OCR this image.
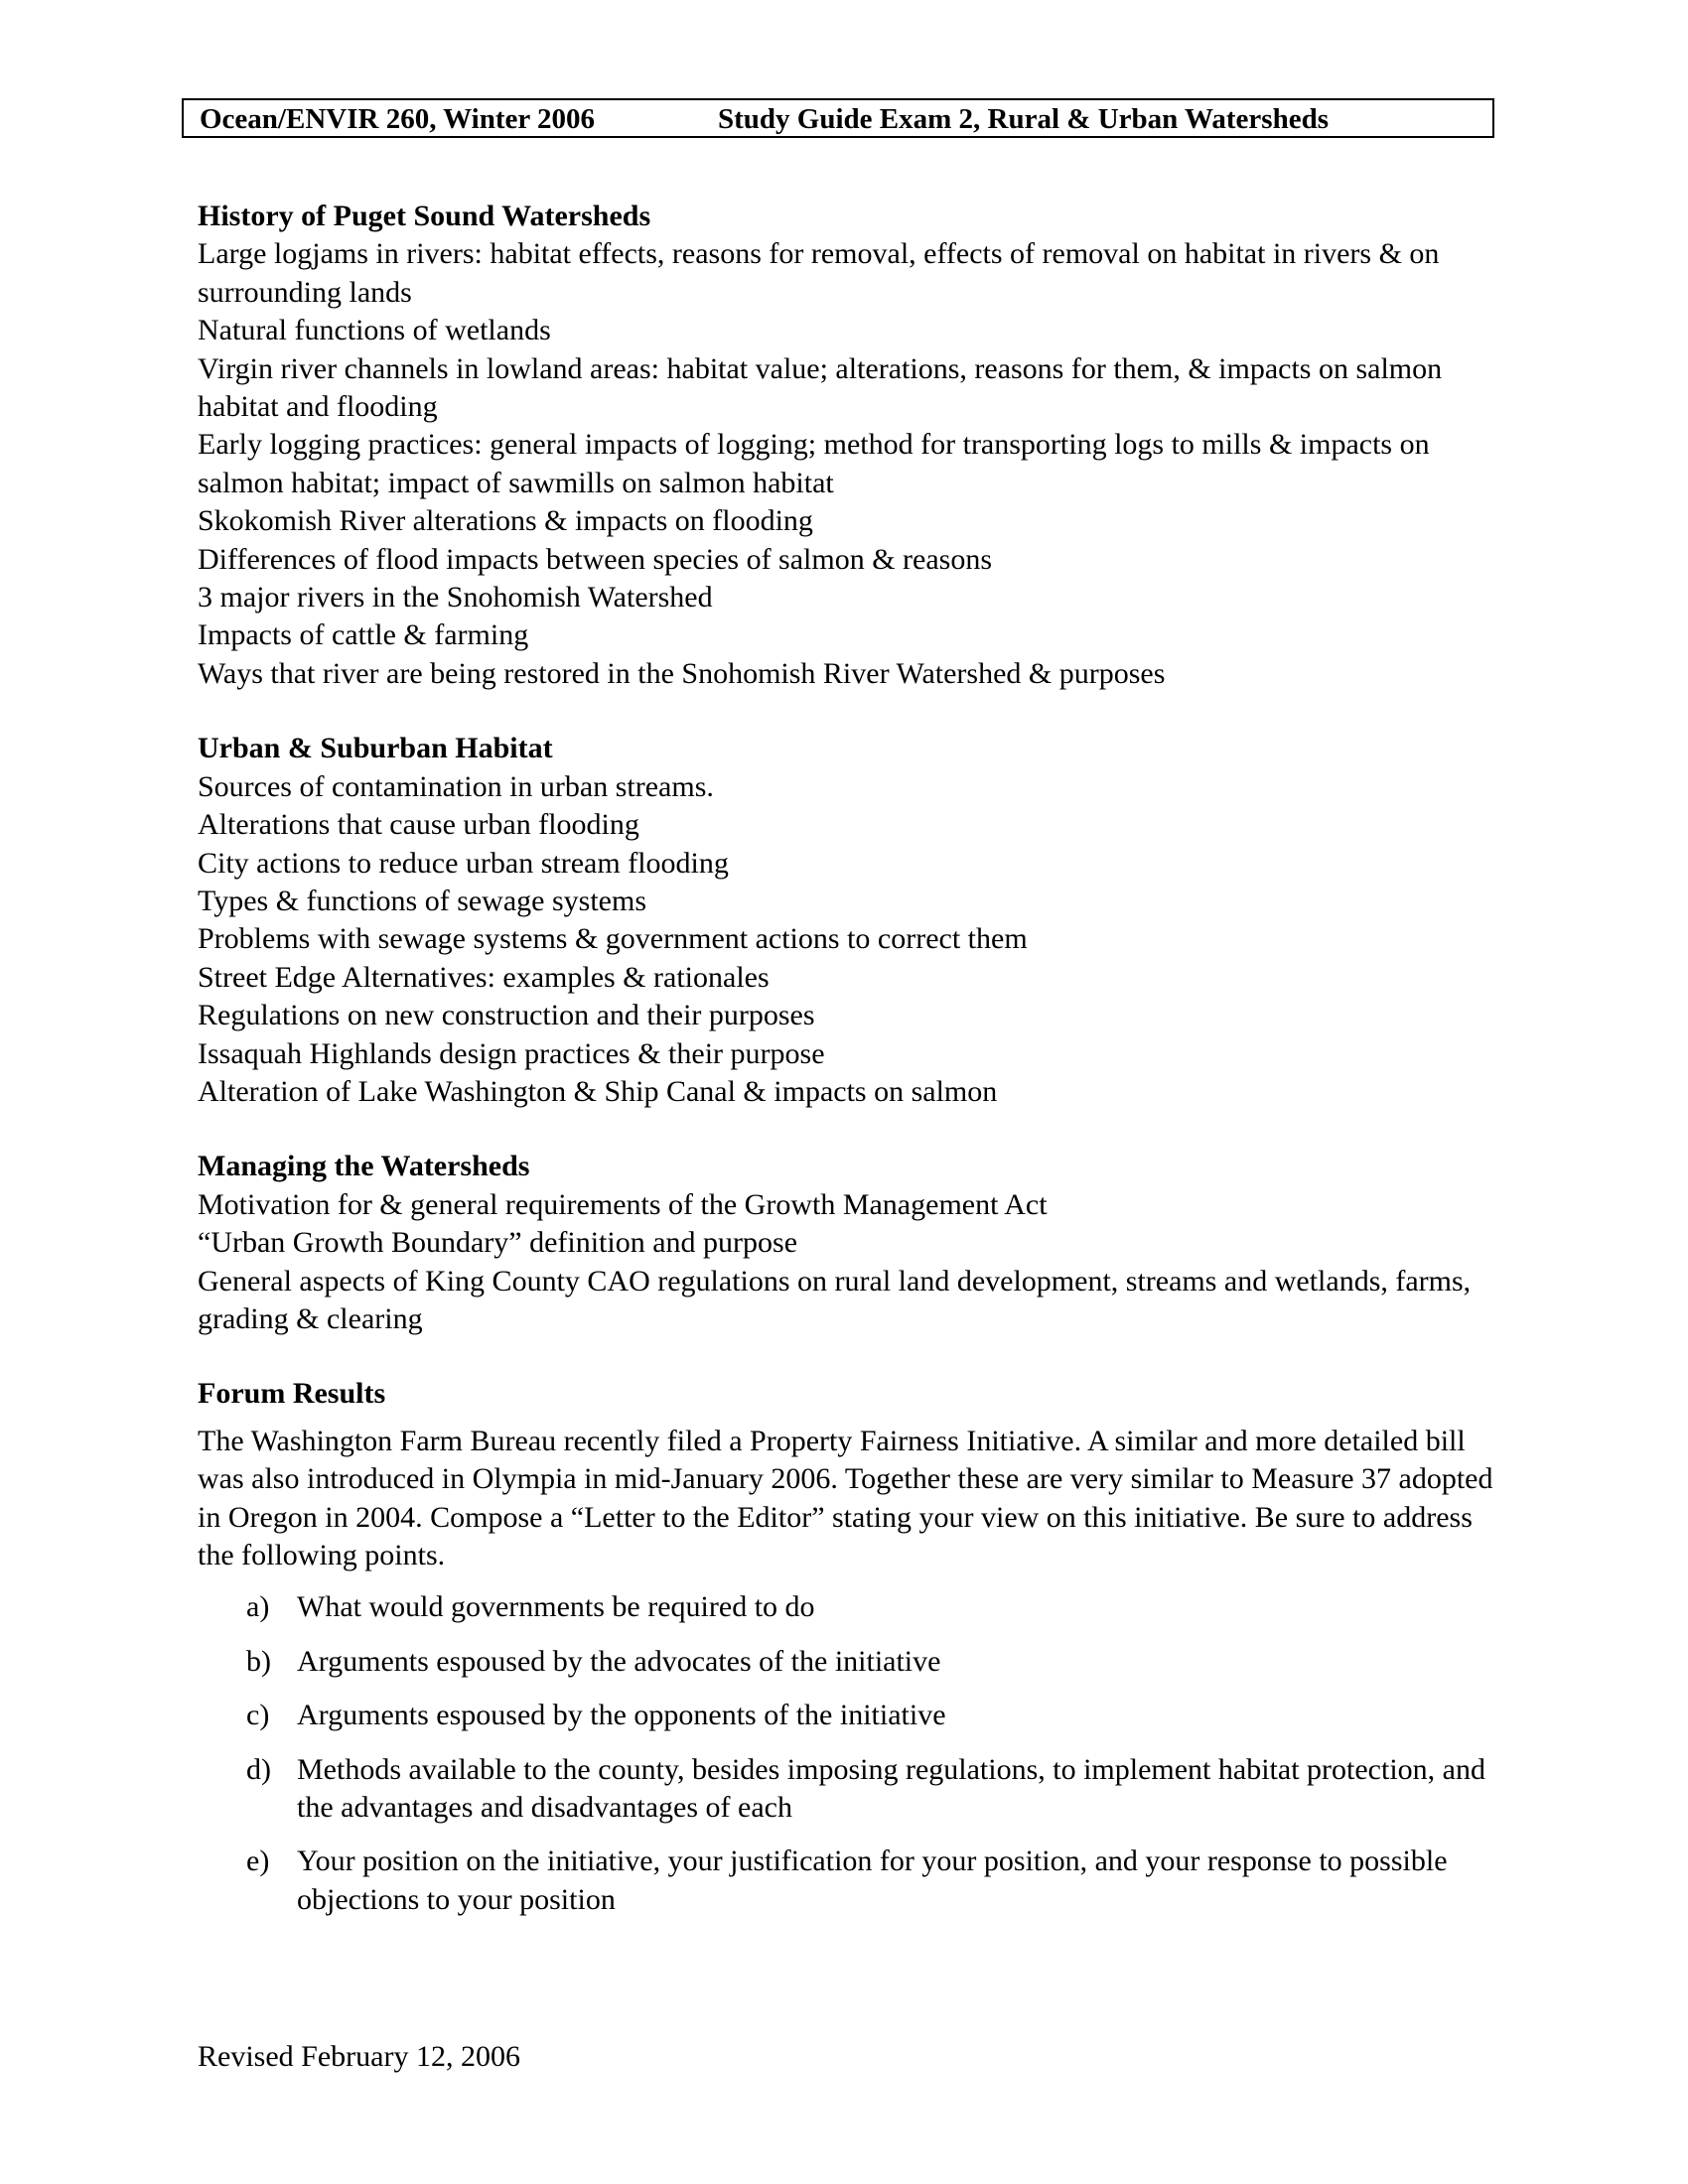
Ocean/ENVIR 260, Winter 2006	Study Guide Exam 2, Rural & Urban Watersheds

History of Puget Sound Watersheds

Large logjams in rivers: habitat effects, reasons for removal, effects of removal on habitat in rivers & on surrounding lands

Natural functions of wetlands

Virgin river channels in lowland areas: habitat value; alterations, reasons for them, & impacts on salmon habitat and flooding

Early logging practices: general impacts of logging; method for transporting logs to mills & impacts on salmon habitat; impact of sawmills on salmon habitat

Skokomish River alterations & impacts on flooding

Differences of flood impacts between species of salmon & reasons

3 major rivers in the Snohomish Watershed

Impacts of cattle & farming

Ways that river are being restored in the Snohomish River Watershed & purposes

Urban & Suburban Habitat

Sources of contamination in urban streams.

Alterations that cause urban flooding

City actions to reduce urban stream flooding

Types & functions of sewage systems

Problems with sewage systems & government actions to correct them

Street Edge Alternatives: examples & rationales

Regulations on new construction and their purposes

Issaquah Highlands design practices & their purpose

Alteration of Lake Washington & Ship Canal & impacts on salmon

Managing the Watersheds

Motivation for & general requirements of the Growth Management Act

“Urban Growth Boundary” definition and purpose

General aspects of King County CAO regulations on rural land development, streams and wetlands, farms, grading & clearing

Forum Results

The Washington Farm Bureau recently filed a Property Fairness Initiative. A similar and more detailed bill was also introduced in Olympia in mid-January 2006. Together these are very similar to Measure 37 adopted in Oregon in 2004. Compose a “Letter to the Editor” stating your view on this initiative. Be sure to address the following points.

a) What would governments be required to do
b) Arguments espoused by the advocates of the initiative
c) Arguments espoused by the opponents of the initiative
d) Methods available to the county, besides imposing regulations, to implement habitat protection, and the advantages and disadvantages of each
e) Your position on the initiative, your justification for your position, and your response to possible objections to your position
Revised February 12, 2006
